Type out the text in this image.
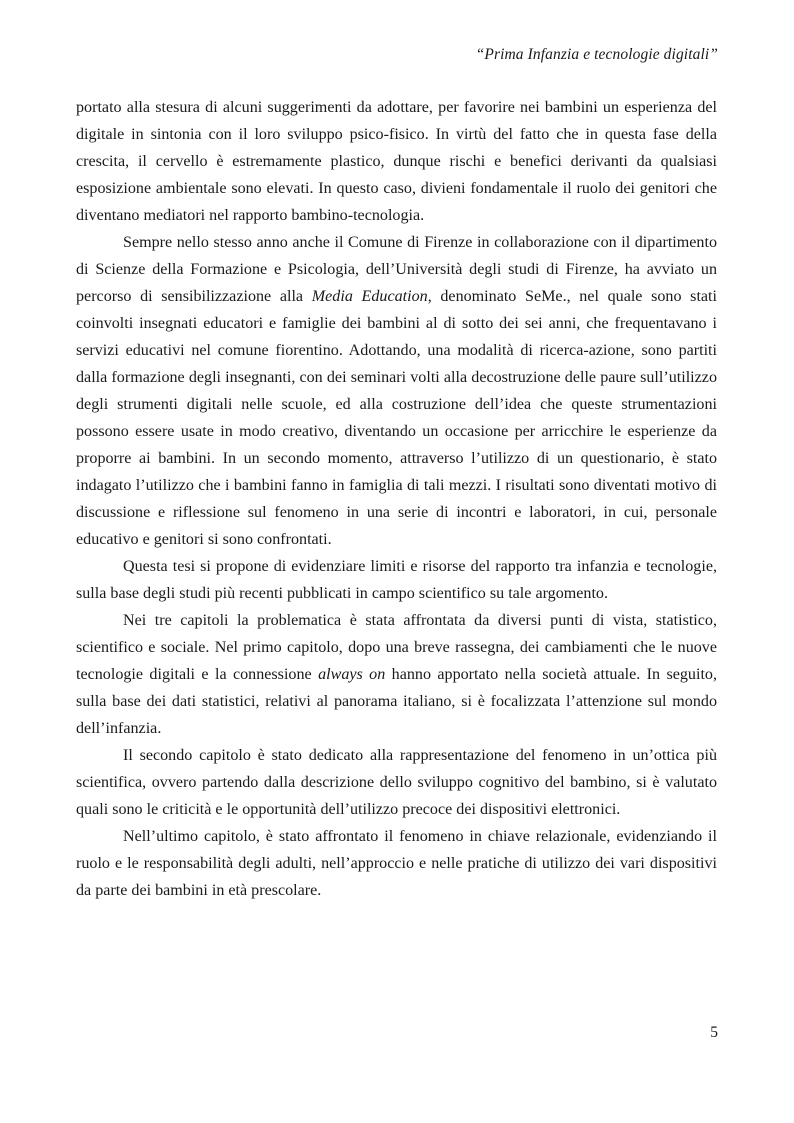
“Prima Infanzia e tecnologie digitali”

portato alla stesura di alcuni suggerimenti da adottare, per favorire nei bambini un esperienza del digitale in sintonia con il loro sviluppo psico-fisico. In virtù del fatto che in questa fase della crescita, il cervello è estremamente plastico, dunque rischi e benefici derivanti da qualsiasi esposizione ambientale sono elevati. In questo caso, divieni fondamentale il ruolo dei genitori che diventano mediatori nel rapporto bambino-tecnologia.

Sempre nello stesso anno anche il Comune di Firenze in collaborazione con il dipartimento di Scienze della Formazione e Psicologia, dell’Università degli studi di Firenze, ha avviato un percorso di sensibilizzazione alla Media Education, denominato SeMe., nel quale sono stati coinvolti insegnati educatori e famiglie dei bambini al di sotto dei sei anni, che frequentavano i servizi educativi nel comune fiorentino. Adottando, una modalità di ricerca-azione, sono partiti dalla formazione degli insegnanti, con dei seminari volti alla decostruzione delle paure sull’utilizzo degli strumenti digitali nelle scuole, ed alla costruzione dell’idea che queste strumentazioni possono essere usate in modo creativo, diventando un occasione per arricchire le esperienze da proporre ai bambini. In un secondo momento, attraverso l’utilizzo di un questionario, è stato indagato l’utilizzo che i bambini fanno in famiglia di tali mezzi. I risultati sono diventati motivo di discussione e riflessione sul fenomeno in una serie di incontri e laboratori, in cui, personale educativo e genitori si sono confrontati.

Questa tesi si propone di evidenziare limiti e risorse del rapporto tra infanzia e tecnologie, sulla base degli studi più recenti pubblicati in campo scientifico su tale argomento.

Nei tre capitoli la problematica è stata affrontata da diversi punti di vista, statistico, scientifico e sociale. Nel primo capitolo, dopo una breve rassegna, dei cambiamenti che le nuove tecnologie digitali e la connessione always on hanno apportato nella società attuale. In seguito, sulla base dei dati statistici, relativi al panorama italiano, si è focalizzata l’attenzione sul mondo dell’infanzia.

Il secondo capitolo è stato dedicato alla rappresentazione del fenomeno in un’ottica più scientifica, ovvero partendo dalla descrizione dello sviluppo cognitivo del bambino, si è valutato quali sono le criticità e le opportunità dell’utilizzo precoce dei dispositivi elettronici.

Nell’ultimo capitolo, è stato affrontato il fenomeno in chiave relazionale, evidenziando il ruolo e le responsabilità degli adulti, nell’approccio e nelle pratiche di utilizzo dei vari dispositivi da parte dei bambini in età prescolare.

5
